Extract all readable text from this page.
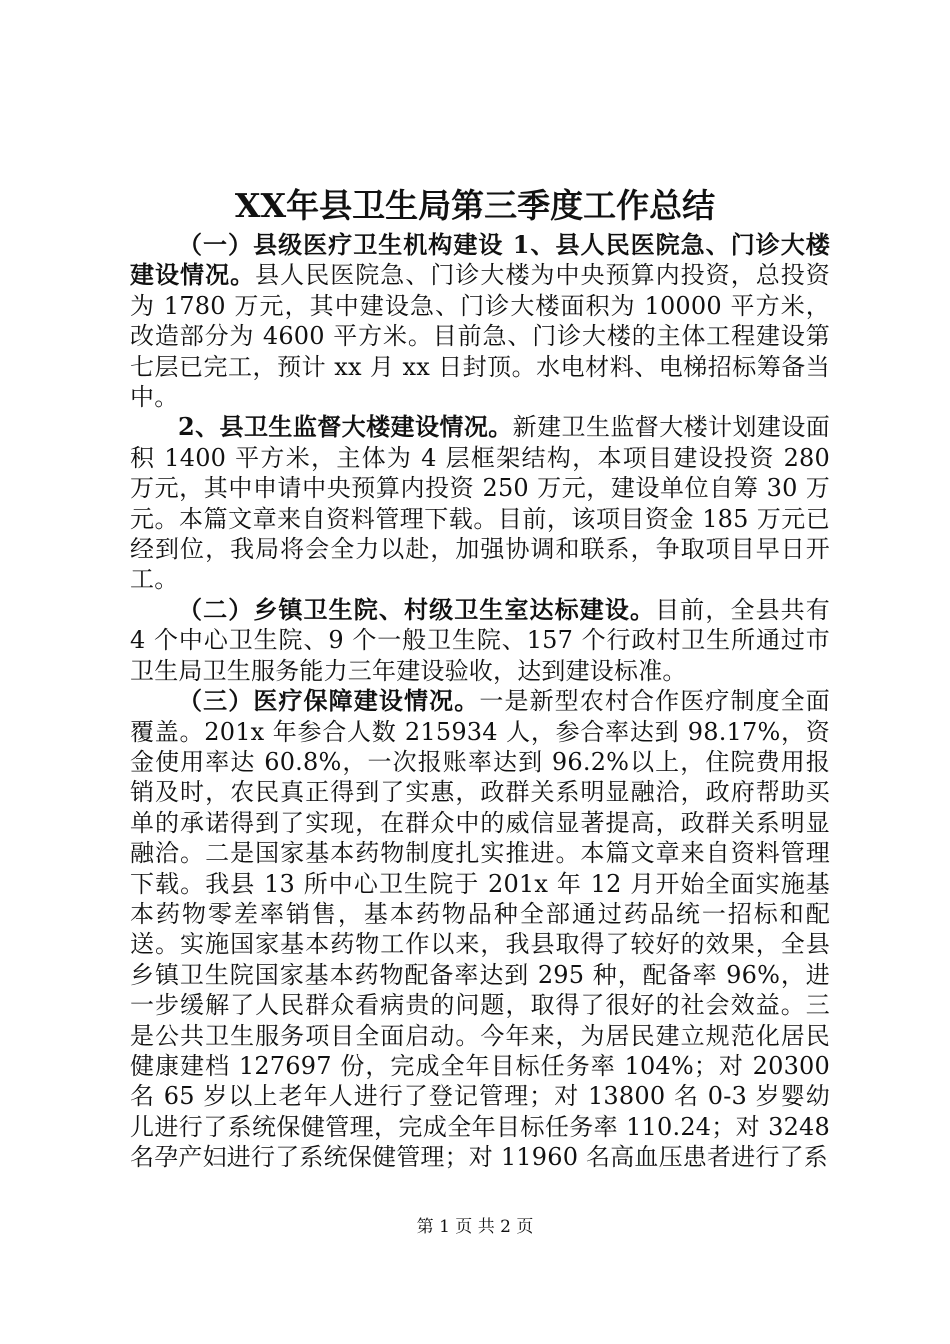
XX年县卫生局第三季度工作总结

（一）县级医疗卫生机构建设 1、县人民医院急、门诊大楼建设情况。县人民医院急、门诊大楼为中央预算内投资，总投资为 1780 万元，其中建设急、门诊大楼面积为 10000 平方米，改造部分为 4600 平方米。目前急、门诊大楼的主体工程建设第七层已完工，预计 xx 月 xx 日封顶。水电材料、电梯招标筹备当中。

2、县卫生监督大楼建设情况。新建卫生监督大楼计划建设面积 1400 平方米，主体为 4 层框架结构，本项目建设投资 280 万元，其中申请中央预算内投资 250 万元，建设单位自筹 30 万元。本篇文章来自资料管理下载。目前，该项目资金 185 万元已经到位，我局将会全力以赴，加强协调和联系，争取项目早日开工。

（二）乡镇卫生院、村级卫生室达标建设。目前，全县共有 4 个中心卫生院、9 个一般卫生院、157 个行政村卫生所通过市卫生局卫生服务能力三年建设验收，达到建设标准。

（三）医疗保障建设情况。一是新型农村合作医疗制度全面覆盖。201x 年参合人数 215934 人，参合率达到 98.17%，资金使用率达 60.8%，一次报账率达到 96.2%以上，住院费用报销及时，农民真正得到了实惠，政群关系明显融洽，政府帮助买单的承诺得到了实现，在群众中的威信显著提高，政群关系明显融洽。二是国家基本药物制度扎实推进。本篇文章来自资料管理下载。我县 13 所中心卫生院于 201x 年 12 月开始全面实施基本药物零差率销售，基本药物品种全部通过药品统一招标和配送。实施国家基本药物工作以来，我县取得了较好的效果，全县乡镇卫生院国家基本药物配备率达到 295 种，配备率 96%，进一步缓解了人民群众看病贵的问题，取得了很好的社会效益。三是公共卫生服务项目全面启动。今年来，为居民建立规范化居民健康建档 127697 份，完成全年目标任务率 104%；对 20300 名 65 岁以上老年人进行了登记管理；对 13800 名 0-3 岁婴幼儿进行了系统保健管理，完成全年目标任务率 110.24；对 3248 名孕产妇进行了系统保健管理；对 11960 名高血压患者进行了系

第 1 页 共 2 页
